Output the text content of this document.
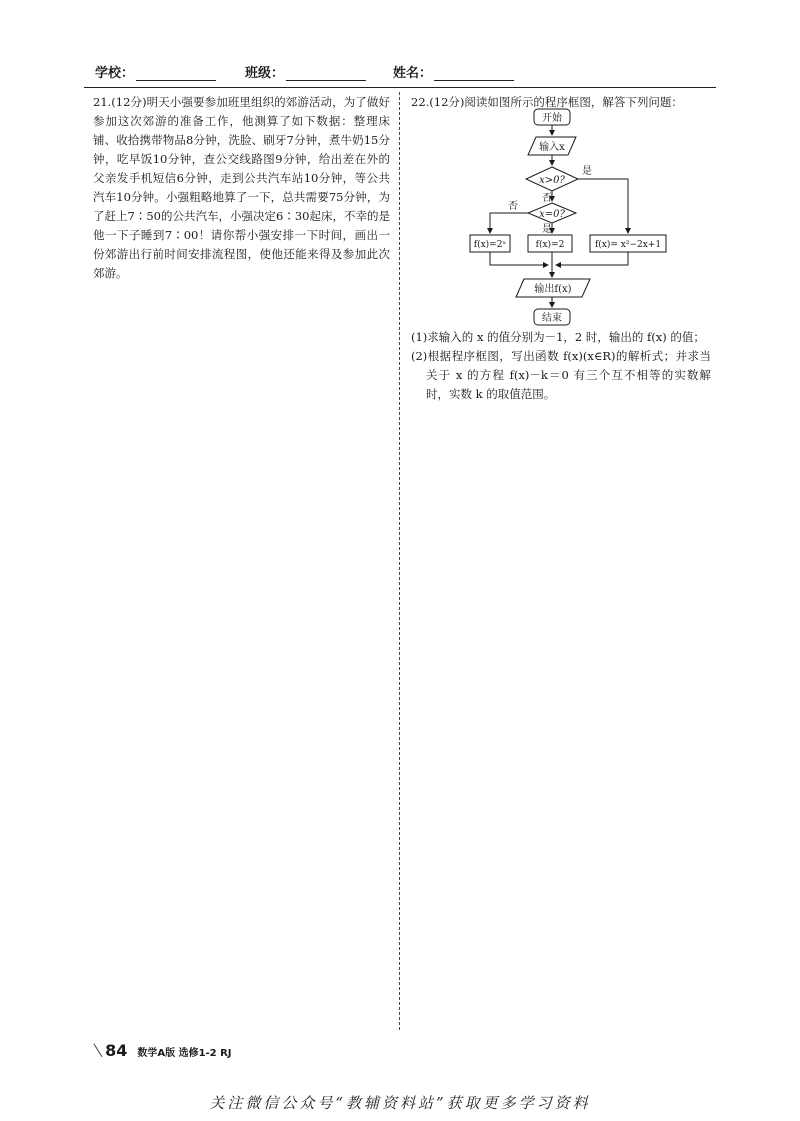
学校：	班级：	姓名：
21.(12分)明天小强要参加班里组织的郊游活动，为了做好参加这次郊游的准备工作，他测算了如下数据：整理床铺、收拾携带物品8分钟，洗脸、刷牙7分钟，煮牛奶15分钟，吃早饭10分钟，查公交线路图9分钟，给出差在外的父亲发手机短信6分钟，走到公共汽车站10分钟，等公共汽车10分钟。小强粗略地算了一下，总共需要75分钟，为了赶上7∶50的公共汽车，小强决定6∶30起床，不幸的是他一下子睡到7∶00！请你帮小强安排一下时间，画出一份郊游出行前时间安排流程图，使他还能来得及参加此次郊游。
22.(12分)阅读如图所示的程序框图，解答下列问题：
开始
输入x
x>0?
是
否
x=0?
是
否
f(x)=2ˣ	f(x)=2	f(x)= x²−2x+1
输出f(x)
结束

(1)求输入的 x 的值分别为－1，2 时，输出的 f(x) 的值；

(2)根据程序框图，写出函数 f(x)(x∈R)的解析式；并求当关于 x 的方程 f(x)－k＝0 有三个互不相等的实数解时，实数 k 的取值范围。

\ 84 数学A版 选修1-2 RJ
关注微信公众号“教辅资料站”获取更多学习资料
